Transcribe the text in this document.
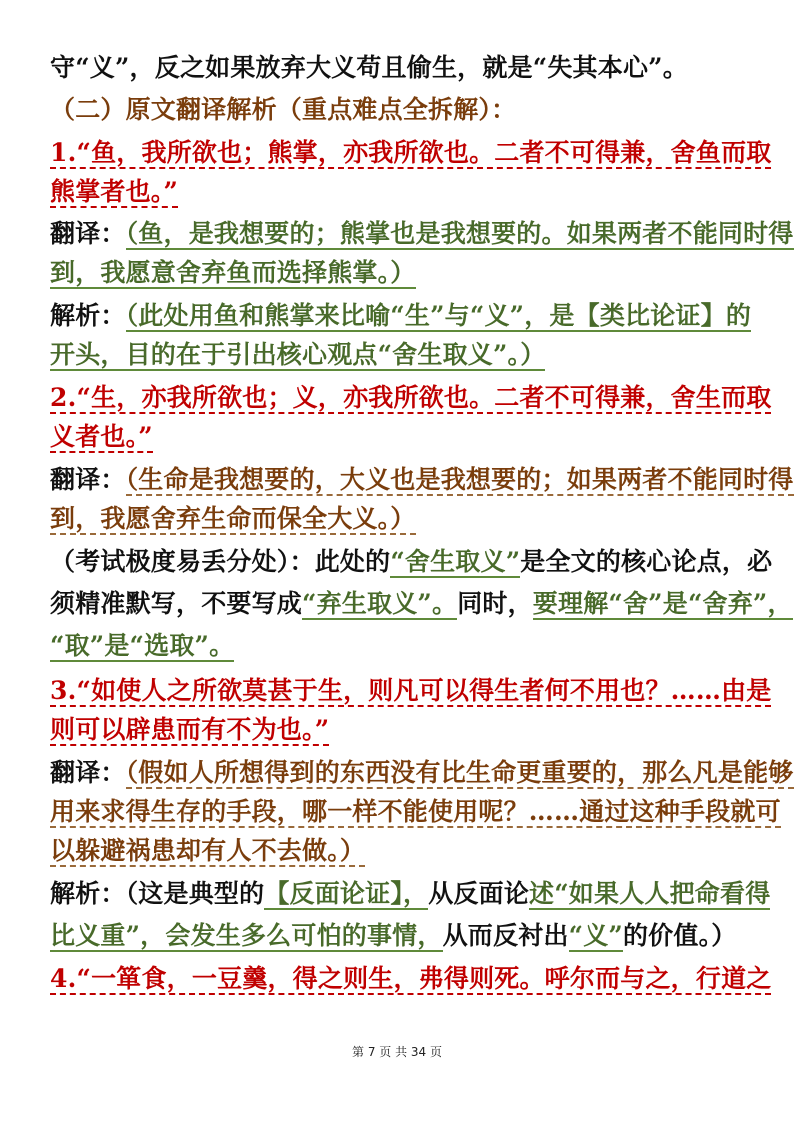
守“义”，反之如果放弃大义苟且偷生，就是“失其本心”。
（二）原文翻译解析（重点难点全拆解）：
1.“鱼，我所欲也；熊掌，亦我所欲也。二者不可得兼，舍鱼而取
熊掌者也。”
翻译：（鱼，是我想要的；熊掌也是我想要的。如果两者不能同时得
到，我愿意舍弃鱼而选择熊掌。）
解析：（此处用鱼和熊掌来比喻“生”与“义”，是【类比论证】的
开头，目的在于引出核心观点“舍生取义”。）
2.“生，亦我所欲也；义，亦我所欲也。二者不可得兼，舍生而取
义者也。”
翻译：（生命是我想要的，大义也是我想要的；如果两者不能同时得
到，我愿舍弃生命而保全大义。）
（考试极度易丢分处）：此处的“舍生取义”是全文的核心论点，必
须精准默写，不要写成“弃生取义”。同时，要理解“舍”是“舍弃”，
“取”是“选取”。
3.“如使人之所欲莫甚于生，则凡可以得生者何不用也？……由是
则可以辟患而有不为也。”
翻译：（假如人所想得到的东西没有比生命更重要的，那么凡是能够
用来求得生存的手段，哪一样不能使用呢？……通过这种手段就可
以躲避祸患却有人不去做。）
解析：（这是典型的【反面论证】，从反面论述“如果人人把命看得
比义重”，会发生多么可怕的事情，从而反衬出“义”的价值。）
4.“一箪食，一豆羹，得之则生，弗得则死。呼尔而与之，行道之
第 7 页 共 34 页
